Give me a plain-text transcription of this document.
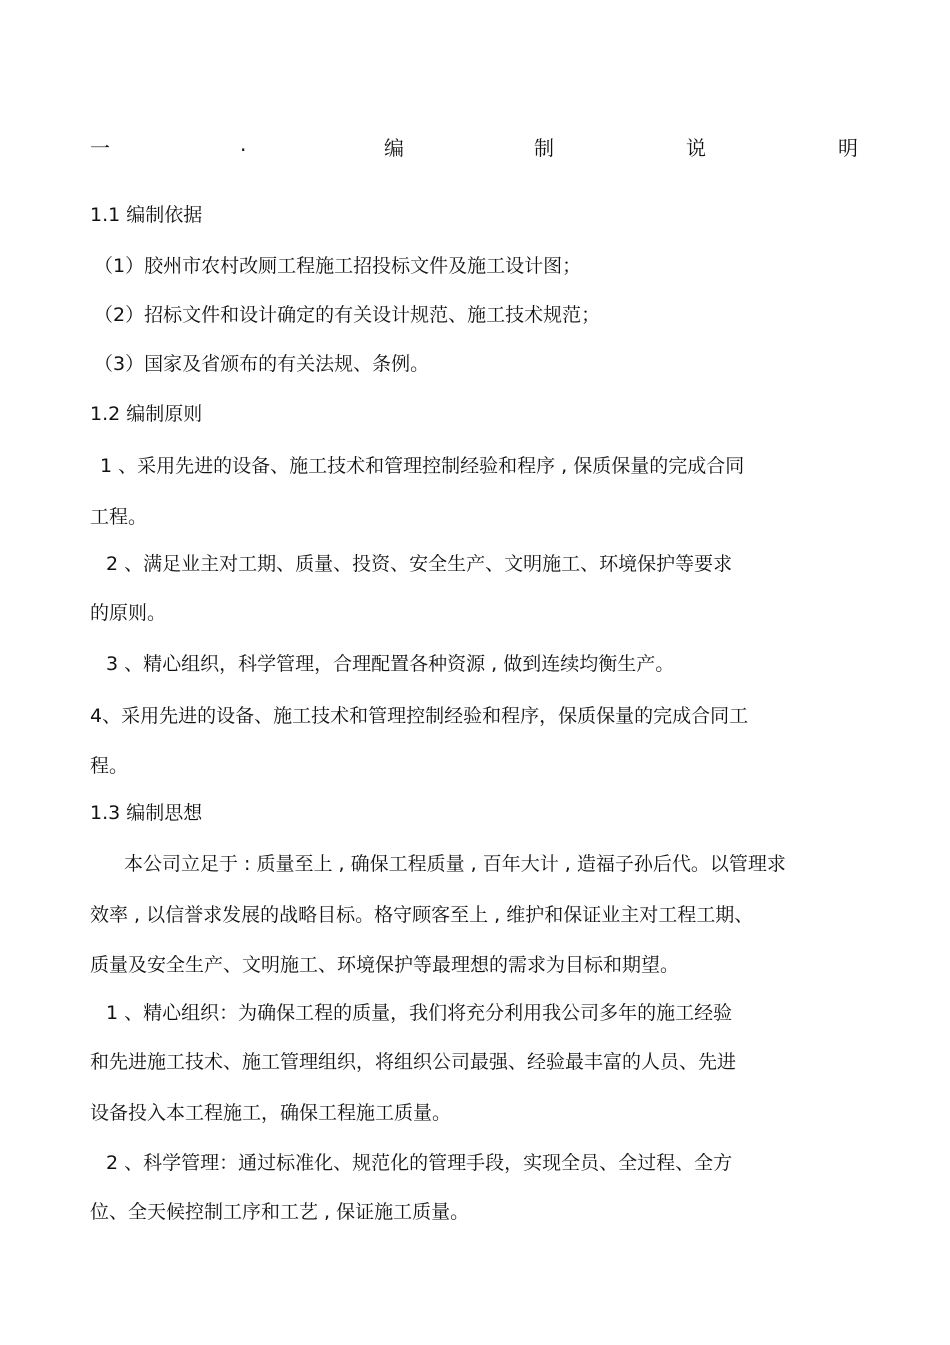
一	.	编	制	说	明
1.1 编制依据
（1）胶州市农村改厕工程施工招投标文件及施工设计图；
（2）招标文件和设计确定的有关设计规范、施工技术规范；
（3）国家及省颁布的有关法规、条例。
1.2 编制原则
1 、采用先进的设备、施工技术和管理控制经验和程序 , 保质保量的完成合同
工程。
2 、满足业主对工期、质量、投资、安全生产、文明施工、环境保护等要求
的原则。
3 、精心组织，科学管理，合理配置各种资源 , 做到连续均衡生产。
4、采用先进的设备、施工技术和管理控制经验和程序，保质保量的完成合同工
程。
1.3 编制思想
本公司立足于 : 质量至上 , 确保工程质量 , 百年大计 , 造福子孙后代。以管理求
效率 , 以信誉求发展的战略目标。格守顾客至上 , 维护和保证业主对工程工期、
质量及安全生产、文明施工、环境保护等最理想的需求为目标和期望。
1 、精心组织：为确保工程的质量，我们将充分利用我公司多年的施工经验
和先进施工技术、施工管理组织，将组织公司最强、经验最丰富的人员、先进
设备投入本工程施工，确保工程施工质量。
2 、科学管理：通过标准化、规范化的管理手段，实现全员、全过程、全方
位、全天候控制工序和工艺 , 保证施工质量。
